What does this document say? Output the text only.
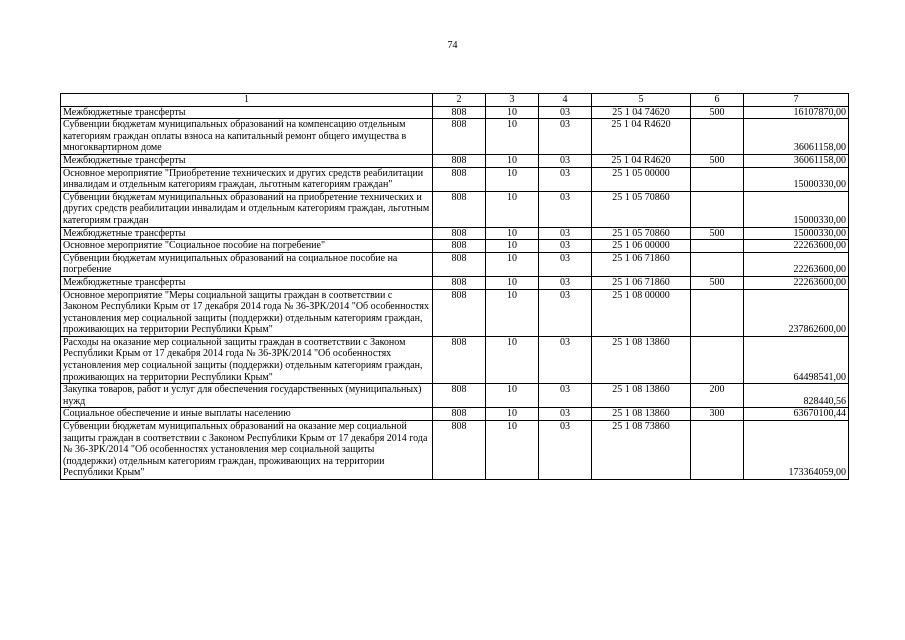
74
1	2	3	4	5	6	7
Межбюджетные трансферты	808	10	03	25 1 04 74620	500	16107870,00
Субвенции бюджетам муниципальных образований на компенсацию отдельным категориям граждан оплаты взноса на капитальный ремонт общего имущества в многоквартирном доме	808	10	03	25 1 04 R4620		36061158,00
Межбюджетные трансферты	808	10	03	25 1 04 R4620	500	36061158,00
Основное мероприятие "Приобретение технических и других средств реабилитации инвалидам и отдельным категориям граждан, льготным категориям граждан"	808	10	03	25 1 05 00000		15000330,00
Субвенции бюджетам муниципальных образований на приобретение технических и других средств реабилитации инвалидам и отдельным категориям граждан, льготным категориям граждан	808	10	03	25 1 05 70860		15000330,00
Межбюджетные трансферты	808	10	03	25 1 05 70860	500	15000330,00
Основное мероприятие "Социальное пособие на погребение"	808	10	03	25 1 06 00000		22263600,00
Субвенции бюджетам муниципальных образований на социальное пособие на погребение	808	10	03	25 1 06 71860		22263600,00
Межбюджетные трансферты	808	10	03	25 1 06 71860	500	22263600,00
Основное мероприятие "Меры социальной защиты граждан в соответствии с Законом Республики Крым от 17 декабря 2014 года № 36-ЗРК/2014 "Об особенностях установления мер социальной защиты (поддержки) отдельным категориям граждан, проживающих на территории Республики Крым"	808	10	03	25 1 08 00000		237862600,00
Расходы на оказание мер социальной защиты граждан в соответствии с Законом Республики Крым от 17 декабря 2014 года № 36-ЗРК/2014 "Об особенностях установления мер социальной защиты (поддержки) отдельным категориям граждан, проживающих на территории Республики Крым"	808	10	03	25 1 08 13860		64498541,00
Закупка товаров, работ и услуг для обеспечения государственных (муниципальных) нужд	808	10	03	25 1 08 13860	200	828440,56
Социальное обеспечение и иные выплаты населению	808	10	03	25 1 08 13860	300	63670100,44
Субвенции бюджетам муниципальных образований на оказание мер социальной защиты граждан в соответствии с Законом Республики Крым от 17 декабря 2014 года № 36-ЗРК/2014 "Об особенностях установления мер социальной защиты (поддержки) отдельным категориям граждан, проживающих на территории Республики Крым"	808	10	03	25 1 08 73860		173364059,00
